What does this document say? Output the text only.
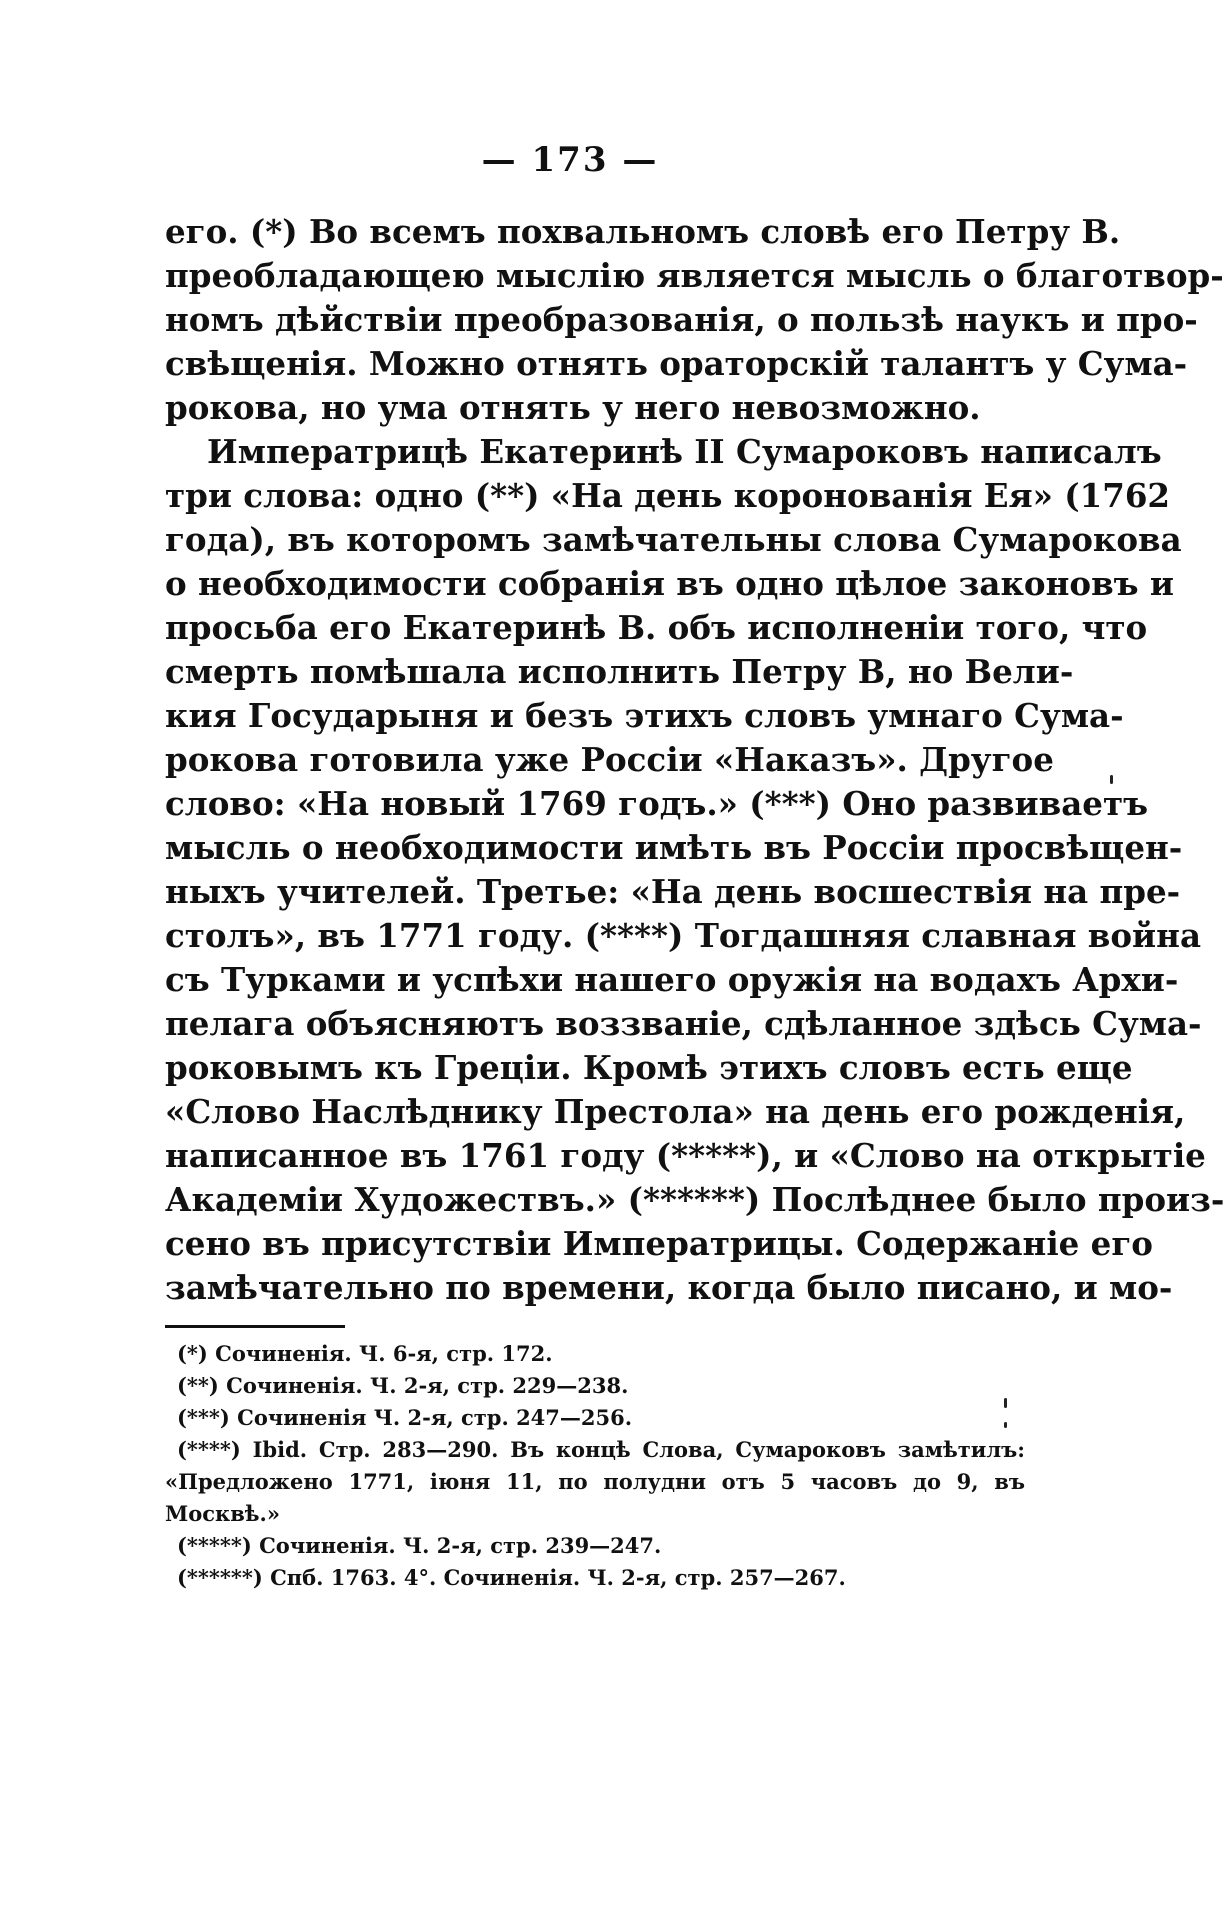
— 173 —
его. (*) Во всемъ похвальномъ словѣ его Петру В.
преобладающею мыслію является мысль о благотвор-
номъ дѣйствіи преобразованія, о пользѣ наукъ и про-
свѣщенія. Можно отнять ораторскій талантъ у Сума-
рокова, но ума отнять у него невозможно.
Императрицѣ Екатеринѣ II Сумароковъ написалъ
три слова: одно (**) «На день коронованія Ея» (1762
года), въ которомъ замѣчательны слова Сумарокова
о необходимости собранія въ одно цѣлое законовъ и
просьба его Екатеринѣ В. объ исполненіи того, что
смерть помѣшала исполнить Петру В, но Вели-
кия Государыня и безъ этихъ словъ умнаго Сума-
рокова готовила уже Россіи «Наказъ». Другое
слово: «На новый 1769 годъ.» (***) Оно развиваетъ
мысль о необходимости имѣть въ Россіи просвѣщен-
ныхъ учителей. Третье: «На день восшествія на пре-
столъ», въ 1771 году. (****) Тогдашняя славная война
съ Турками и успѣхи нашего оружія на водахъ Архи-
пелага объясняютъ воззваніе, сдѣланное здѣсь Сума-
роковымъ къ Греціи. Кромѣ этихъ словъ есть еще
«Слово Наслѣднику Престола» на день его рожденія,
написанное въ 1761 году (*****), и «Слово на открытіе
Академіи Художествъ.» (******) Послѣднее было произ-
сено въ присутствіи Императрицы. Содержаніе его
замѣчательно по времени, когда было писано, и мо-
(*) Сочиненія. Ч. 6-я, стр. 172.
(**) Сочиненія. Ч. 2-я, стр. 229—238.
(***) Сочиненія Ч. 2-я, стр. 247—256.
(****) Ibid. Стр. 283—290. Въ концѣ Слова, Сумароковъ замѣтилъ:
«Предложено 1771, іюня 11, по полудни отъ 5 часовъ до 9, въ
Москвѣ.»
(*****) Сочиненія. Ч. 2-я, стр. 239—247.
(******) Спб. 1763. 4°. Сочиненія. Ч. 2-я, стр. 257—267.
